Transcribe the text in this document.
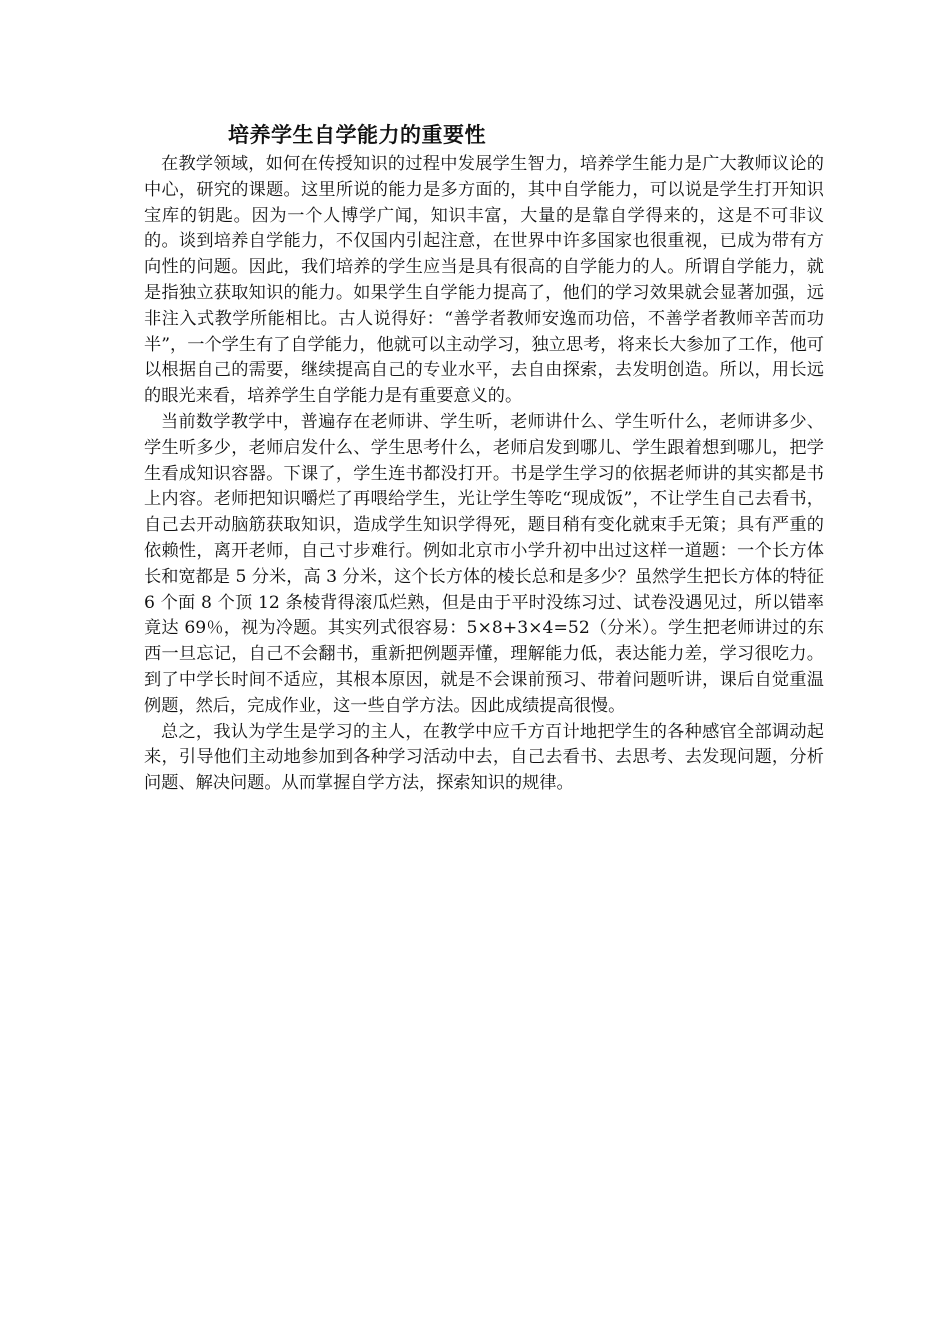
培养学生自学能力的重要性

在教学领域，如何在传授知识的过程中发展学生智力，培养学生能力是广大教师议论的中心，研究的课题。这里所说的能力是多方面的，其中自学能力，可以说是学生打开知识宝库的钥匙。因为一个人博学广闻，知识丰富，大量的是靠自学得来的，这是不可非议的。谈到培养自学能力，不仅国内引起注意，在世界中许多国家也很重视，已成为带有方向性的问题。因此，我们培养的学生应当是具有很高的自学能力的人。所谓自学能力，就是指独立获取知识的能力。如果学生自学能力提高了，他们的学习效果就会显著加强，远非注入式教学所能相比。古人说得好：“善学者教师安逸而功倍，不善学者教师辛苦而功半”，一个学生有了自学能力，他就可以主动学习，独立思考，将来长大参加了工作，他可以根据自己的需要，继续提高自己的专业水平，去自由探索，去发明创造。所以，用长远的眼光来看，培养学生自学能力是有重要意义的。

当前数学教学中，普遍存在老师讲、学生听，老师讲什么、学生听什么，老师讲多少、学生听多少，老师启发什么、学生思考什么，老师启发到哪儿、学生跟着想到哪儿，把学生看成知识容器。下课了，学生连书都没打开。书是学生学习的依据老师讲的其实都是书上内容。老师把知识嚼烂了再喂给学生，光让学生等吃“现成饭”，不让学生自己去看书，自己去开动脑筋获取知识，造成学生知识学得死，题目稍有变化就束手无策；具有严重的依赖性，离开老师，自己寸步难行。例如北京市小学升初中出过这样一道题：一个长方体长和宽都是 5 分米，高 3 分米，这个长方体的棱长总和是多少？虽然学生把长方体的特征 6 个面 8 个顶 12 条棱背得滚瓜烂熟，但是由于平时没练习过、试卷没遇见过，所以错率竟达 69％，视为冷题。其实列式很容易：5×8+3×4=52（分米）。学生把老师讲过的东西一旦忘记，自己不会翻书，重新把例题弄懂，理解能力低，表达能力差，学习很吃力。到了中学长时间不适应，其根本原因，就是不会课前预习、带着问题听讲，课后自觉重温例题，然后，完成作业，这一些自学方法。因此成绩提高很慢。

总之，我认为学生是学习的主人，在教学中应千方百计地把学生的各种感官全部调动起来，引导他们主动地参加到各种学习活动中去，自己去看书、去思考、去发现问题，分析问题、解决问题。从而掌握自学方法，探索知识的规律。
